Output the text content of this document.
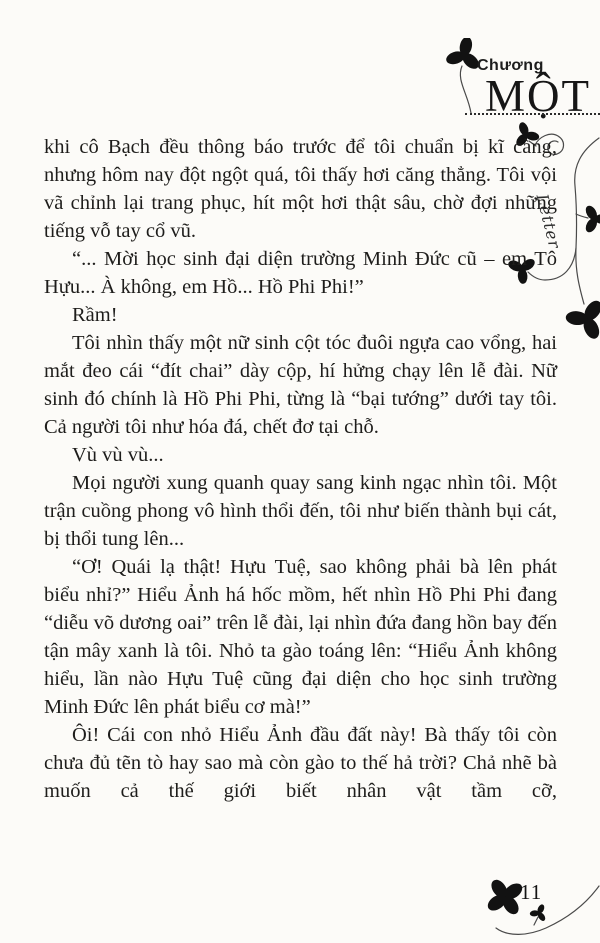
Chương
MỘT
Letter

khi cô Bạch đều thông báo trước để tôi chuẩn bị kĩ càng, nhưng hôm nay đột ngột quá, tôi thấy hơi căng thẳng. Tôi vội vã chỉnh lại trang phục, hít một hơi thật sâu, chờ đợi những tiếng vỗ tay cổ vũ.

“... Mời học sinh đại diện trường Minh Đức cũ – em Tô Hựu... À không, em Hồ... Hồ Phi Phi!”

Rầm!

Tôi nhìn thấy một nữ sinh cột tóc đuôi ngựa cao vổng, hai mắt đeo cái “đít chai” dày cộp, hí hửng chạy lên lễ đài. Nữ sinh đó chính là Hồ Phi Phi, từng là “bại tướng” dưới tay tôi. Cả người tôi như hóa đá, chết đơ tại chỗ.

Vù vù vù...

Mọi người xung quanh quay sang kinh ngạc nhìn tôi. Một trận cuồng phong vô hình thổi đến, tôi như biến thành bụi cát, bị thổi tung lên...

“Ơ! Quái lạ thật! Hựu Tuệ, sao không phải bà lên phát biểu nhỉ?” Hiểu Ảnh há hốc mồm, hết nhìn Hồ Phi Phi đang “diễu võ dương oai” trên lễ đài, lại nhìn đứa đang hồn bay đến tận mây xanh là tôi. Nhỏ ta gào toáng lên: “Hiểu Ảnh không hiểu, lần nào Hựu Tuệ cũng đại diện cho học sinh trường Minh Đức lên phát biểu cơ mà!”

Ôi! Cái con nhỏ Hiểu Ảnh đầu đất này! Bà thấy tôi còn chưa đủ tẽn tò hay sao mà còn gào to thế hả trời? Chả nhẽ bà muốn cả thế giới biết nhân vật tầm cỡ,

11
